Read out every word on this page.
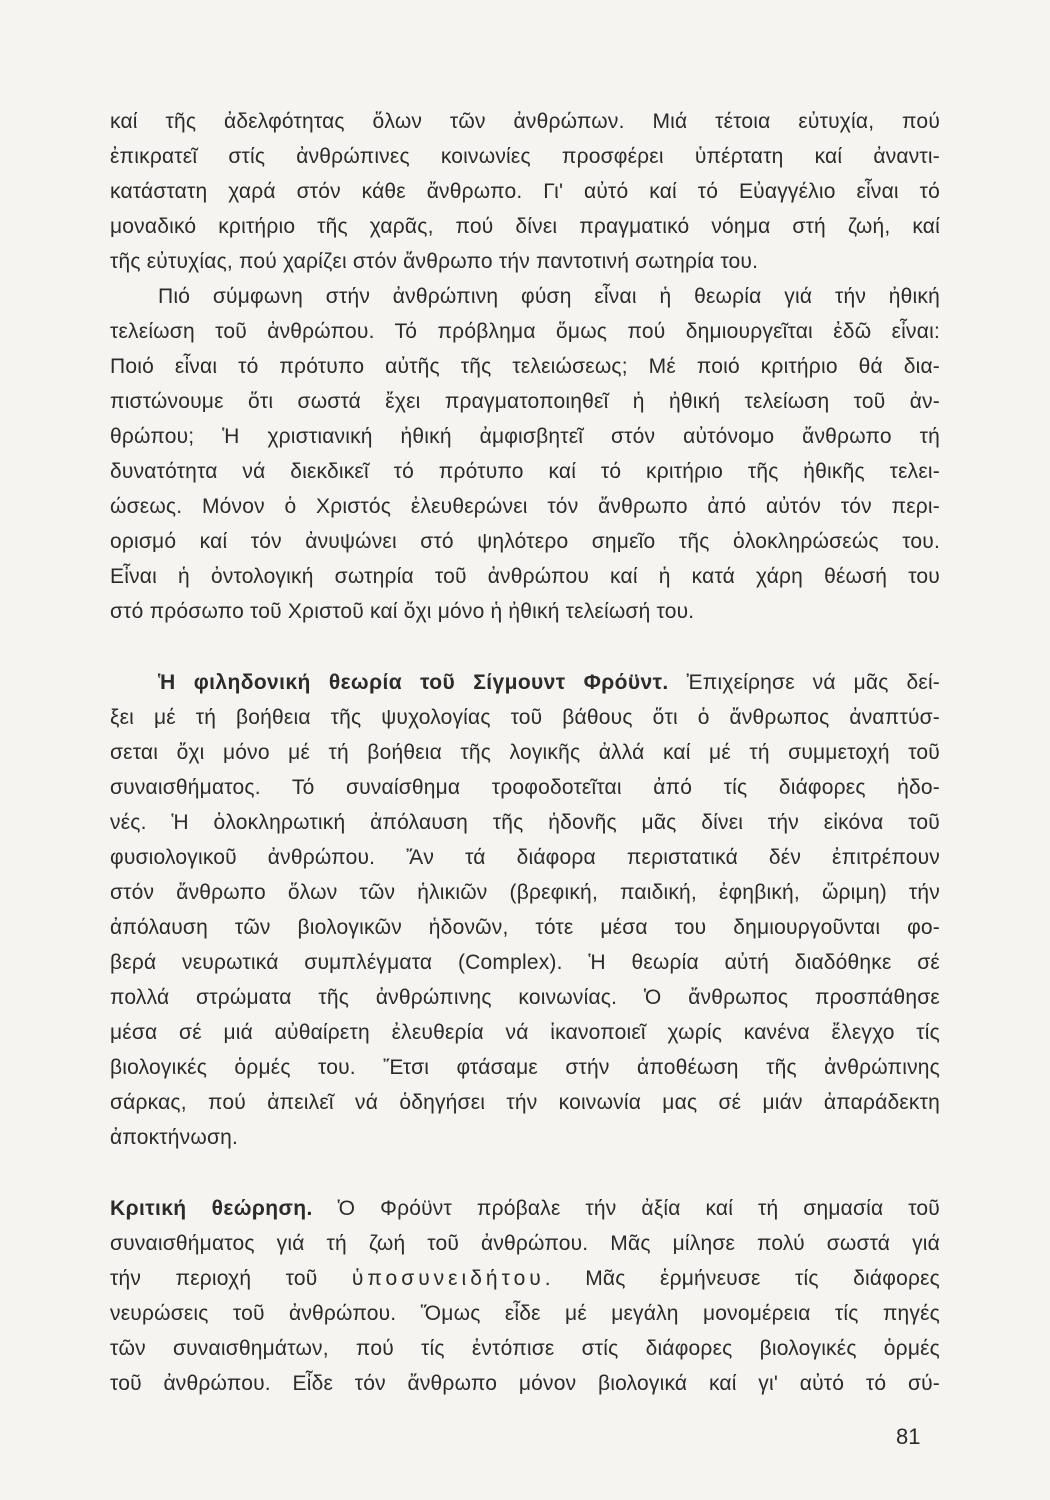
καί τῆς ἀδελφότητας ὅλων τῶν ἀνθρώπων. Μιά τέτοια εὐτυχία, πού
ἐπικρατεῖ στίς ἀνθρώπινες κοινωνίες προσφέρει ὑπέρτατη καί ἀναντι-
κατάστατη χαρά στόν κάθε ἄνθρωπο. Γι' αὐτό καί τό Εὐαγγέλιο εἶναι τό
μοναδικό κριτήριο τῆς χαρᾶς, πού δίνει πραγματικό νόημα στή ζωή, καί
τῆς εὐτυχίας, πού χαρίζει στόν ἄνθρωπο τήν παντοτινή σωτηρία του.
Πιό σύμφωνη στήν ἀνθρώπινη φύση εἶναι ἡ θεωρία γιά τήν ἠθική
τελείωση τοῦ ἀνθρώπου. Τό πρόβλημα ὅμως πού δημιουργεῖται ἐδῶ εἶναι:
Ποιό εἶναι τό πρότυπο αὐτῆς τῆς τελειώσεως; Μέ ποιό κριτήριο θά δια-
πιστώνουμε ὅτι σωστά ἔχει πραγματοποιηθεῖ ἡ ἠθική τελείωση τοῦ ἀν-
θρώπου; Ἡ χριστιανική ἠθική ἀμφισβητεῖ στόν αὐτόνομο ἄνθρωπο τή
δυνατότητα νά διεκδικεῖ τό πρότυπο καί τό κριτήριο τῆς ἠθικῆς τελει-
ώσεως. Μόνον ὁ Χριστός ἐλευθερώνει τόν ἄνθρωπο ἀπό αὐτόν τόν περι-
ορισμό καί τόν ἀνυψώνει στό ψηλότερο σημεῖο τῆς ὁλοκληρώσεώς του.
Εἶναι ἡ ὀντολογική σωτηρία τοῦ ἀνθρώπου καί ἡ κατά χάρη θέωσή του
στό πρόσωπο τοῦ Χριστοῦ καί ὄχι μόνο ἡ ἠθική τελείωσή του.
Ἡ φιληδονική θεωρία τοῦ Σίγμουντ Φρόϋντ. Ἐπιχείρησε νά μᾶς δεί-
ξει μέ τή βοήθεια τῆς ψυχολογίας τοῦ βάθους ὅτι ὁ ἄνθρωπος ἀναπτύσ-
σεται ὄχι μόνο μέ τή βοήθεια τῆς λογικῆς ἀλλά καί μέ τή συμμετοχή τοῦ
συναισθήματος. Τό συναίσθημα τροφοδοτεῖται ἀπό τίς διάφορες ἡδο-
νές. Ἡ ὁλοκληρωτική ἀπόλαυση τῆς ἡδονῆς μᾶς δίνει τήν εἰκόνα τοῦ
φυσιολογικοῦ ἀνθρώπου. Ἄν τά διάφορα περιστατικά δέν ἐπιτρέπουν
στόν ἄνθρωπο ὅλων τῶν ἡλικιῶν (βρεφική, παιδική, ἐφηβική, ὥριμη) τήν
ἀπόλαυση τῶν βιολογικῶν ἡδονῶν, τότε μέσα του δημιουργοῦνται φο-
βερά νευρωτικά συμπλέγματα (Complex). Ἡ θεωρία αὐτή διαδόθηκε σέ
πολλά στρώματα τῆς ἀνθρώπινης κοινωνίας. Ὁ ἄνθρωπος προσπάθησε
μέσα σέ μιά αὐθαίρετη ἐλευθερία νά ἱκανοποιεῖ χωρίς κανένα ἔλεγχο τίς
βιολογικές ὁρμές του. Ἔτσι φτάσαμε στήν ἀποθέωση τῆς ἀνθρώπινης
σάρκας, πού ἀπειλεῖ νά ὁδηγήσει τήν κοινωνία μας σέ μιάν ἀπαράδεκτη
ἀποκτήνωση.
Κριτική θεώρηση. Ὁ Φρόϋντ πρόβαλε τήν ἀξία καί τή σημασία τοῦ
συναισθήματος γιά τή ζωή τοῦ ἀνθρώπου. Μᾶς μίλησε πολύ σωστά γιά
τήν περιοχή τοῦ ὑποσυνειδήτου. Μᾶς ἑρμήνευσε τίς διάφορες
νευρώσεις τοῦ ἀνθρώπου. Ὅμως εἶδε μέ μεγάλη μονομέρεια τίς πηγές
τῶν συναισθημάτων, πού τίς ἐντόπισε στίς διάφορες βιολογικές ὁρμές
τοῦ ἀνθρώπου. Εἶδε τόν ἄνθρωπο μόνον βιολογικά καί γι' αὐτό τό σύ-
81
